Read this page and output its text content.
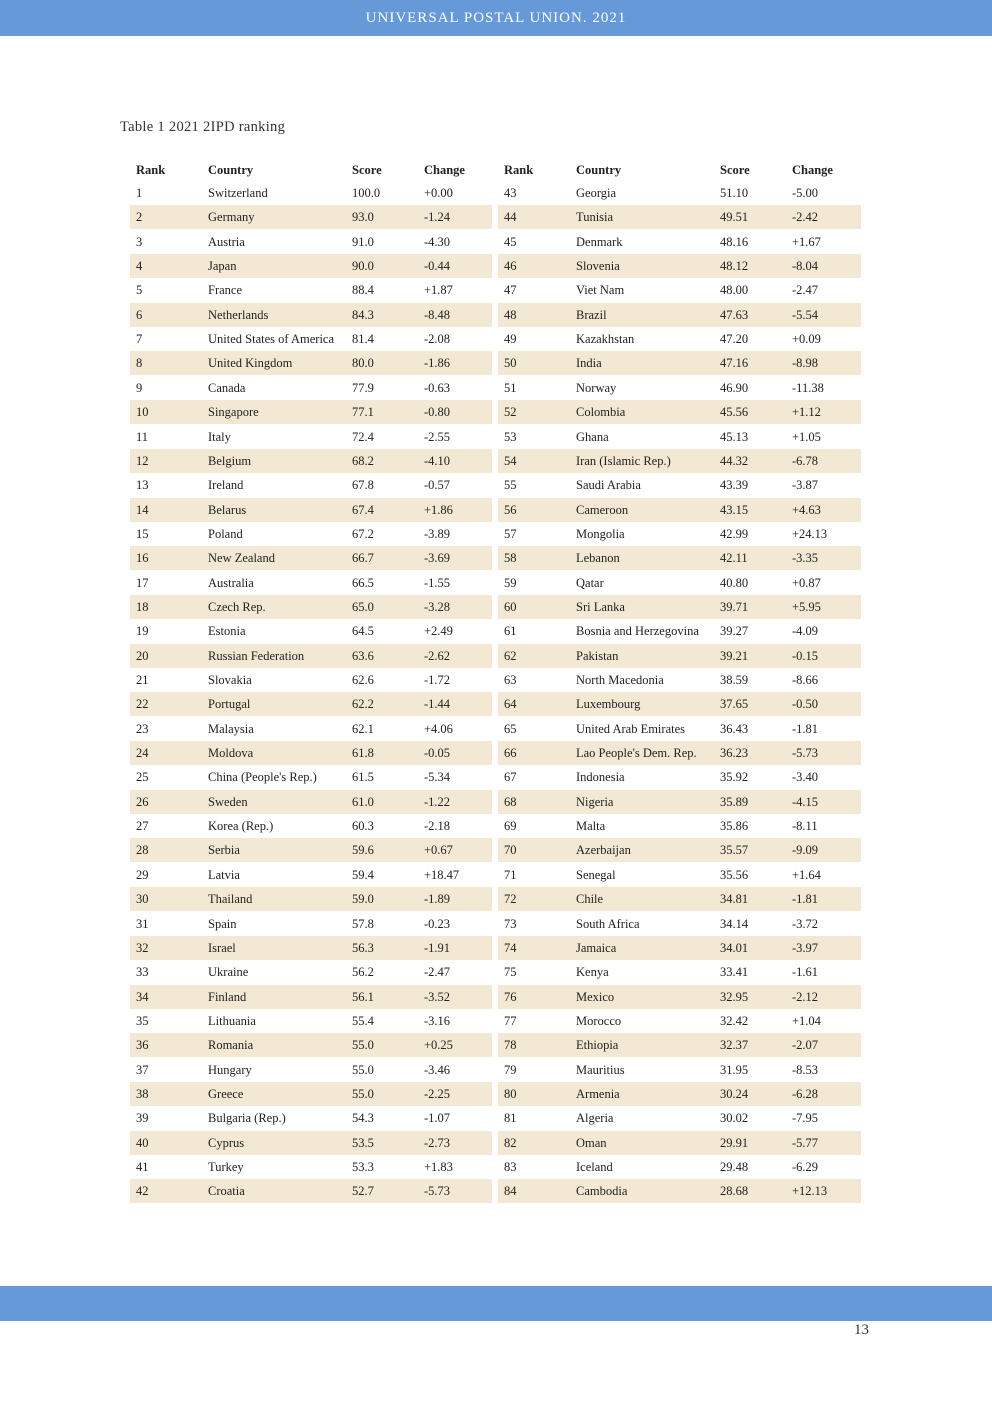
UNIVERSAL POSTAL UNION. 2021
Table 1 2021 2IPD ranking
Rank	Country	Score	Change	Rank	Country	Score	Change
1	Switzerland	100.0	+0.00	43	Georgia	51.10	-5.00
2	Germany	93.0	-1.24	44	Tunisia	49.51	-2.42
3	Austria	91.0	-4.30	45	Denmark	48.16	+1.67
4	Japan	90.0	-0.44	46	Slovenia	48.12	-8.04
5	France	88.4	+1.87	47	Viet Nam	48.00	-2.47
6	Netherlands	84.3	-8.48	48	Brazil	47.63	-5.54
7	United States of America 81.4	-2.08	49	Kazakhstan	47.20	+0.09
8	United Kingdom	80.0	-1.86	50	India	47.16	-8.98
9	Canada	77.9	-0.63	51	Norway	46.90	-11.38
10	Singapore	77.1	-0.80	52	Colombia	45.56	+1.12
11	Italy	72.4	-2.55	53	Ghana	45.13	+1.05
12	Belgium	68.2	-4.10	54	Iran (Islamic Rep.)	44.32	-6.78
13	Ireland	67.8	-0.57	55	Saudi Arabia	43.39	-3.87
14	Belarus	67.4	+1.86	56	Cameroon	43.15	+4.63
15	Poland	67.2	-3.89	57	Mongolia	42.99	+24.13
16	New Zealand	66.7	-3.69	58	Lebanon	42.11	-3.35
17	Australia	66.5	-1.55	59	Qatar	40.80	+0.87
18	Czech Rep.	65.0	-3.28	60	Sri Lanka	39.71	+5.95
19	Estonia	64.5	+2.49	61	Bosnia and Herzegovina 39.27	-4.09
20	Russian Federation	63.6	-2.62	62	Pakistan	39.21	-0.15
21	Slovakia	62.6	-1.72	63	North Macedonia	38.59	-8.66
22	Portugal	62.2	-1.44	64	Luxembourg	37.65	-0.50
23	Malaysia	62.1	+4.06	65	United Arab Emirates	36.43	-1.81
24	Moldova	61.8	-0.05	66	Lao People's Dem. Rep. 36.23	-5.73
25	China (People's Rep.)	61.5	-5.34	67	Indonesia	35.92	-3.40
26	Sweden	61.0	-1.22	68	Nigeria	35.89	-4.15
27	Korea (Rep.)	60.3	-2.18	69	Malta	35.86	-8.11
28	Serbia	59.6	+0.67	70	Azerbaijan	35.57	-9.09
29	Latvia	59.4	+18.47	71	Senegal	35.56	+1.64
30	Thailand	59.0	-1.89	72	Chile	34.81	-1.81
31	Spain	57.8	-0.23	73	South Africa	34.14	-3.72
32	Israel	56.3	-1.91	74	Jamaica	34.01	-3.97
33	Ukraine	56.2	-2.47	75	Kenya	33.41	-1.61
34	Finland	56.1	-3.52	76	Mexico	32.95	-2.12
35	Lithuania	55.4	-3.16	77	Morocco	32.42	+1.04
36	Romania	55.0	+0.25	78	Ethiopia	32.37	-2.07
37	Hungary	55.0	-3.46	79	Mauritius	31.95	-8.53
38	Greece	55.0	-2.25	80	Armenia	30.24	-6.28
39	Bulgaria (Rep.)	54.3	-1.07	81	Algeria	30.02	-7.95
40	Cyprus	53.5	-2.73	82	Oman	29.91	-5.77
41	Turkey	53.3	+1.83	83	Iceland	29.48	-6.29
42	Croatia	52.7	-5.73	84	Cambodia	28.68	+12.13
13
